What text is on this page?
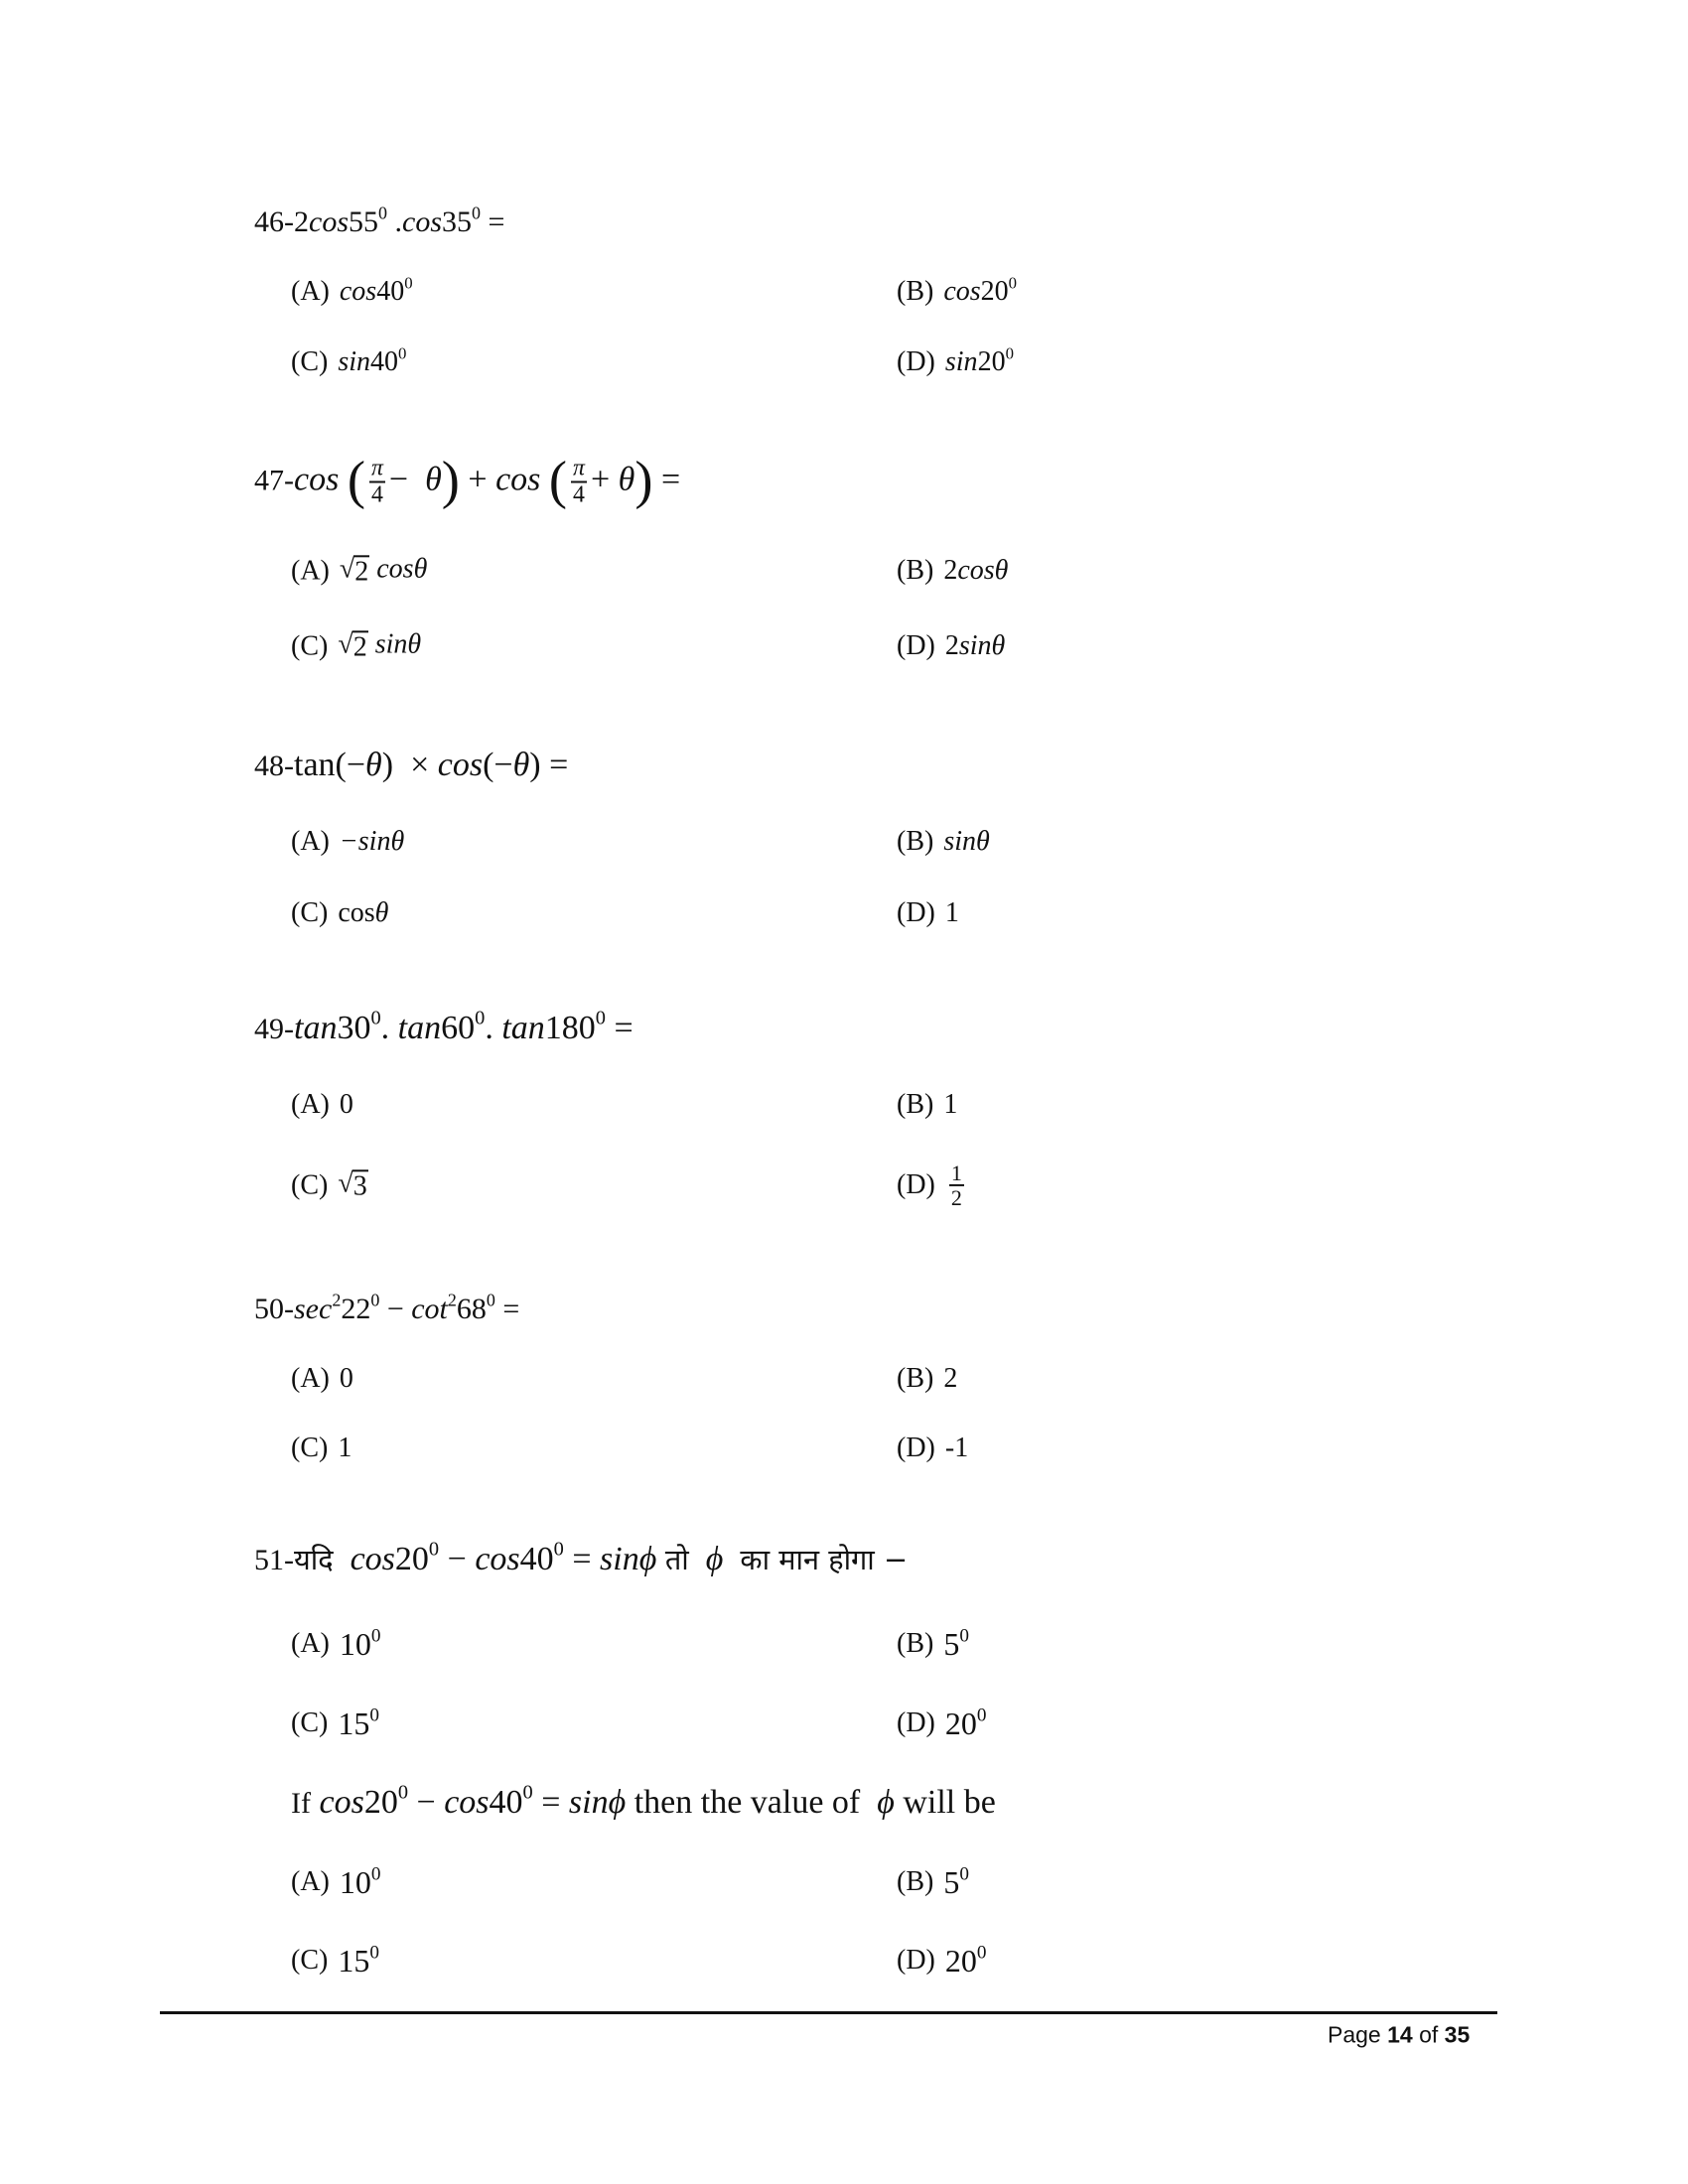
$46-2\cos 55^0$ $.\cos 35^0$ =
(A) $\cos 40^0$	(B) $\cos 20^0$
(C) $\sin 40^0$	(D) $\sin 20^0$
47-cos ( $\frac{\pi}{4} - \theta) + \cos$ ( $\frac{\pi}{4} + \theta$) =
(A) √ 2 cosθ	(B) 2cosθ
(C) √ 2 sinθ	(D) 2sinθ
48-tan(−θ)  × cos(−θ) =
(A) −sinθ	(B) sinθ
(C) cosθ	(D) 1
$49-\tan 30^0$. $\tan 60^0$. $\tan 180^0$ =
(A) 0	(B) 1
(C) √ 3	$(D) \frac{1}{2}$
$50-\sec^222^0 - \cot^268^0$ =
(A) 0	(B) 2
(C) 1	(D) -1
51-यदि $\cos 20^0 - \cos 40^0 = \sin\phi$ तो ϕ का मान होगा −
(A) $10^0$	(B) $5^0$
(C) $15^0$	(D) $20^0$
If $\cos 20^0 - \cos 40^0 = \sin\phi$ then the value of ϕ will be
(A) $10^0$	(B) $5^0$
(C) $15^0$	(D) $20^0$
Page 14 of 35
